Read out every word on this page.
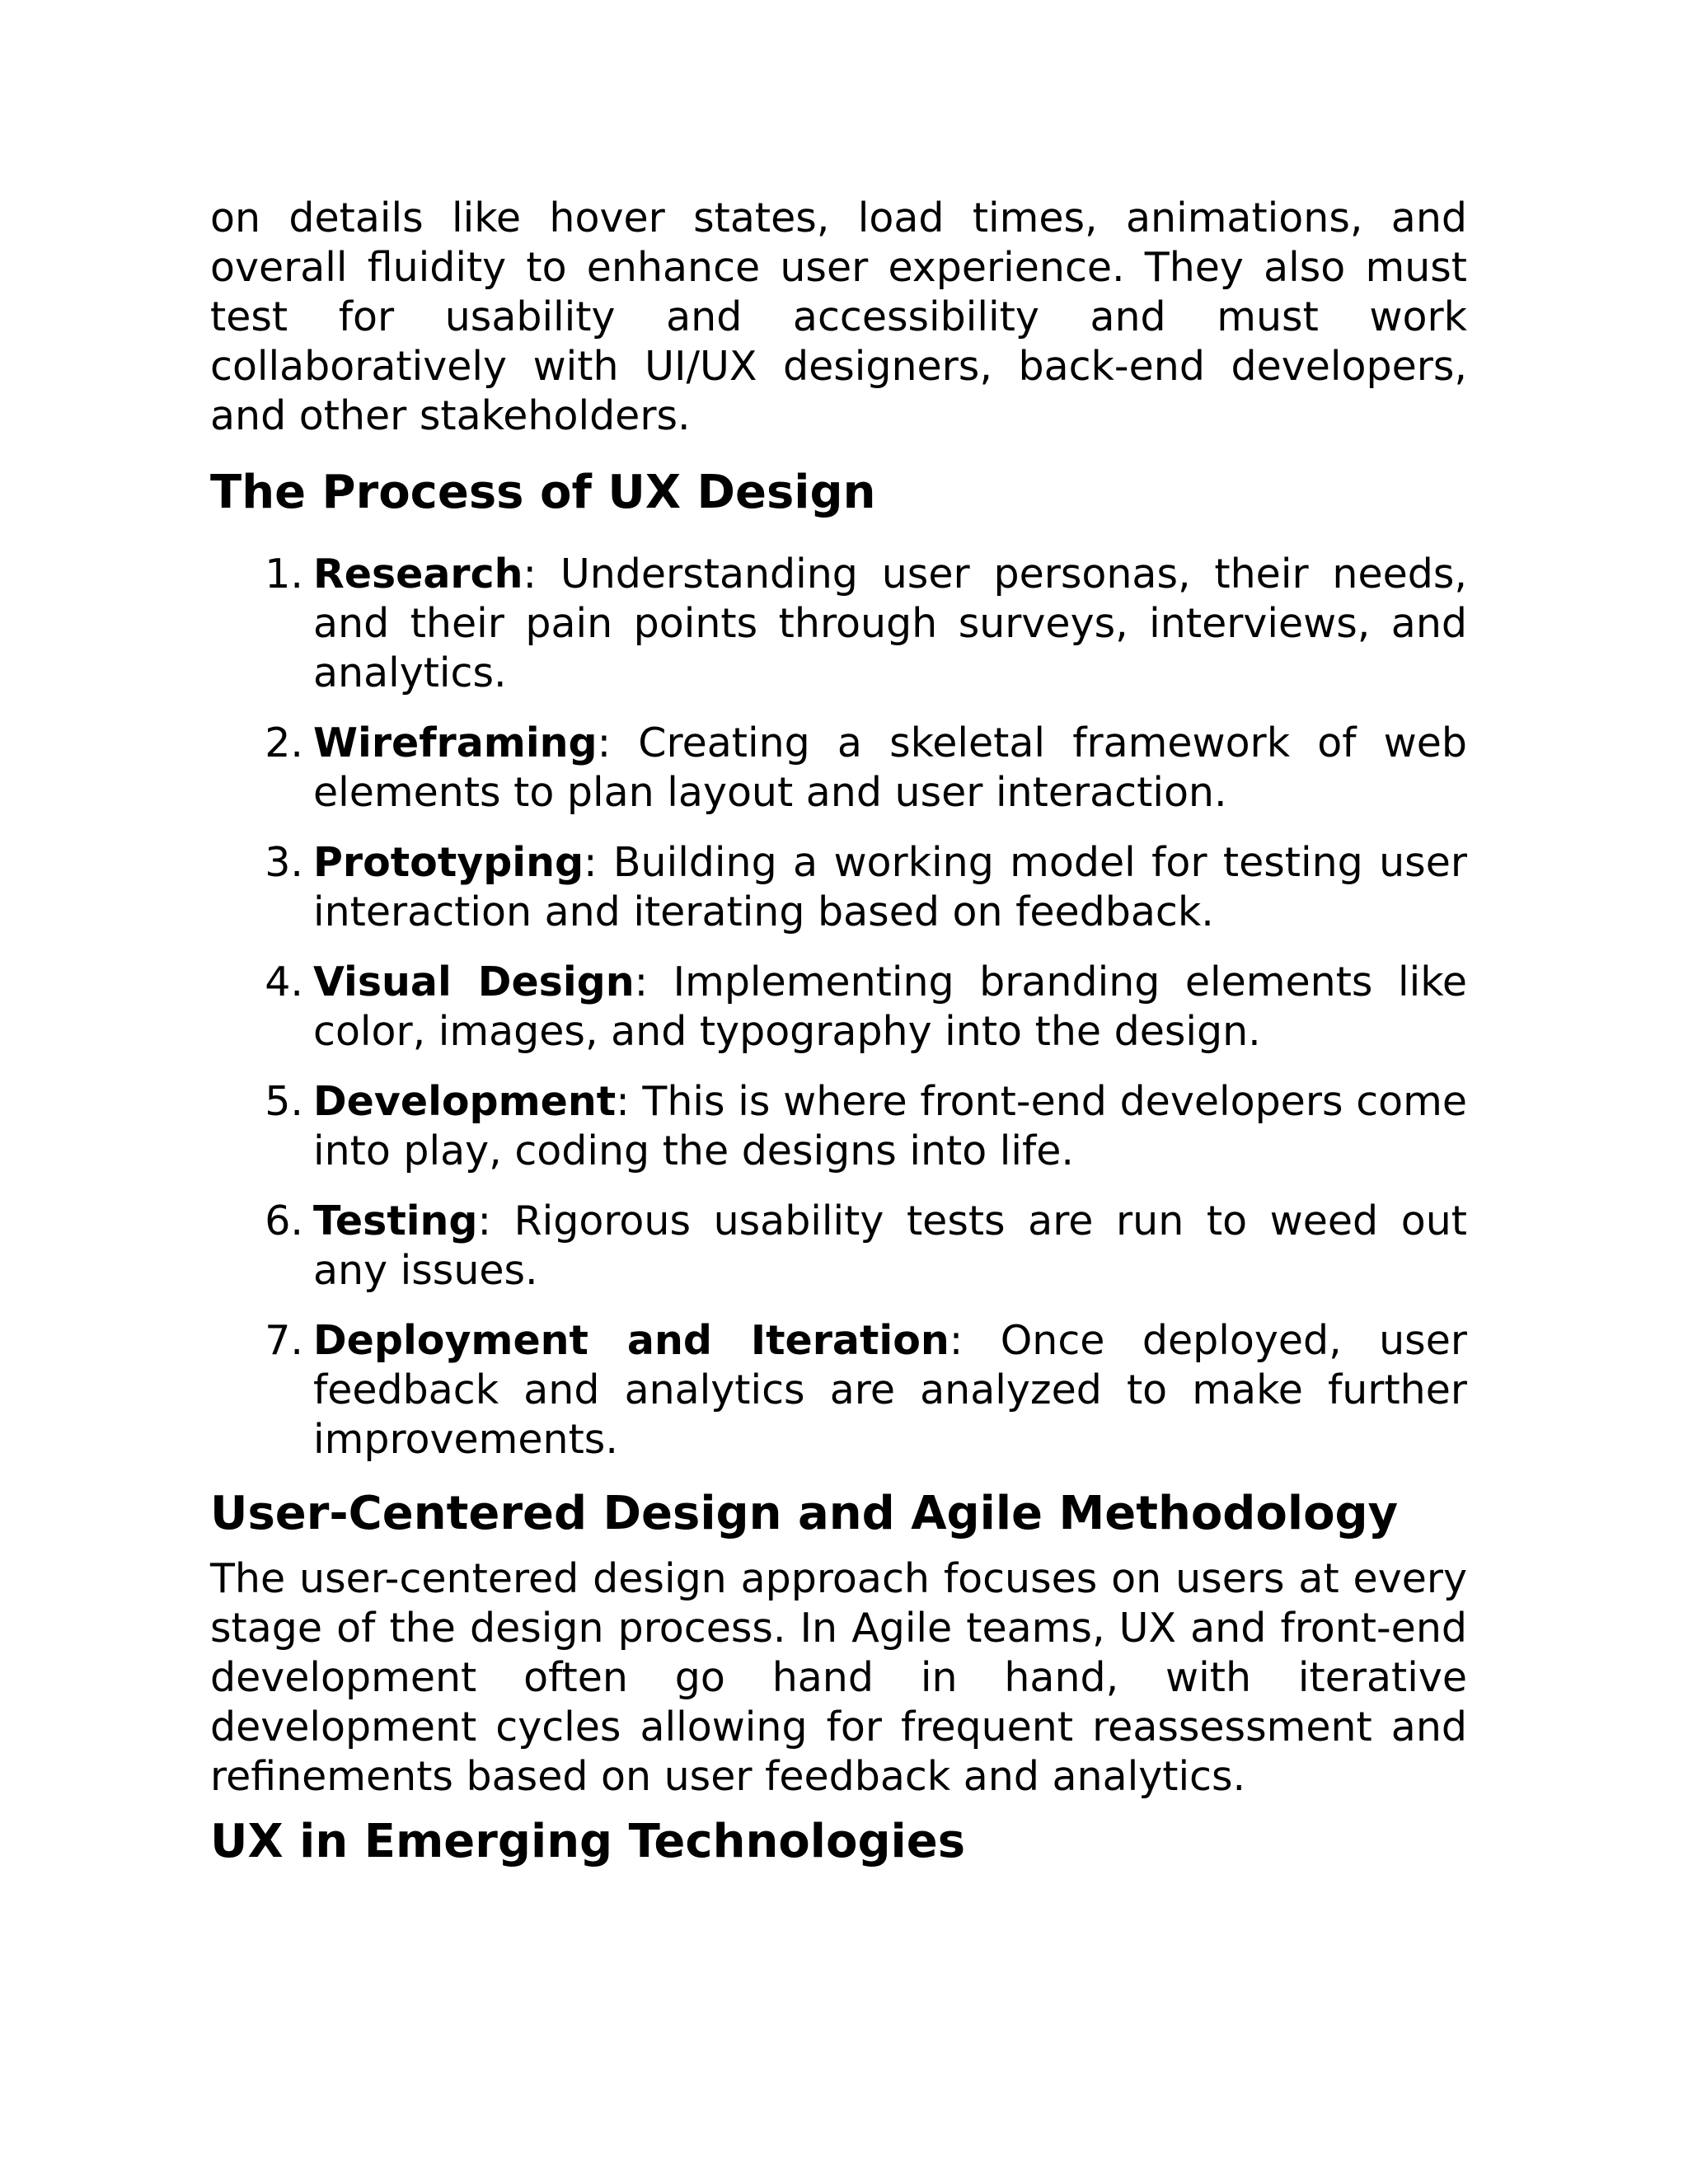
on details like hover states, load times, animations, and overall fluidity to enhance user experience. They also must test for usability and accessibility and must work collaboratively with UI/UX designers, back-end developers, and other stakeholders.

The Process of UX Design
1. Research: Understanding user personas, their needs, and their pain points through surveys, interviews, and analytics.
2. Wireframing: Creating a skeletal framework of web elements to plan layout and user interaction.
3. Prototyping: Building a working model for testing user interaction and iterating based on feedback.
4. Visual Design: Implementing branding elements like color, images, and typography into the design.
5. Development: This is where front-end developers come into play, coding the designs into life.
6. Testing: Rigorous usability tests are run to weed out any issues.
7. Deployment and Iteration: Once deployed, user feedback and analytics are analyzed to make further improvements.
User-Centered Design and Agile Methodology

The user-centered design approach focuses on users at every stage of the design process. In Agile teams, UX and front-end development often go hand in hand, with iterative development cycles allowing for frequent reassessment and refinements based on user feedback and analytics.

UX in Emerging Technologies
